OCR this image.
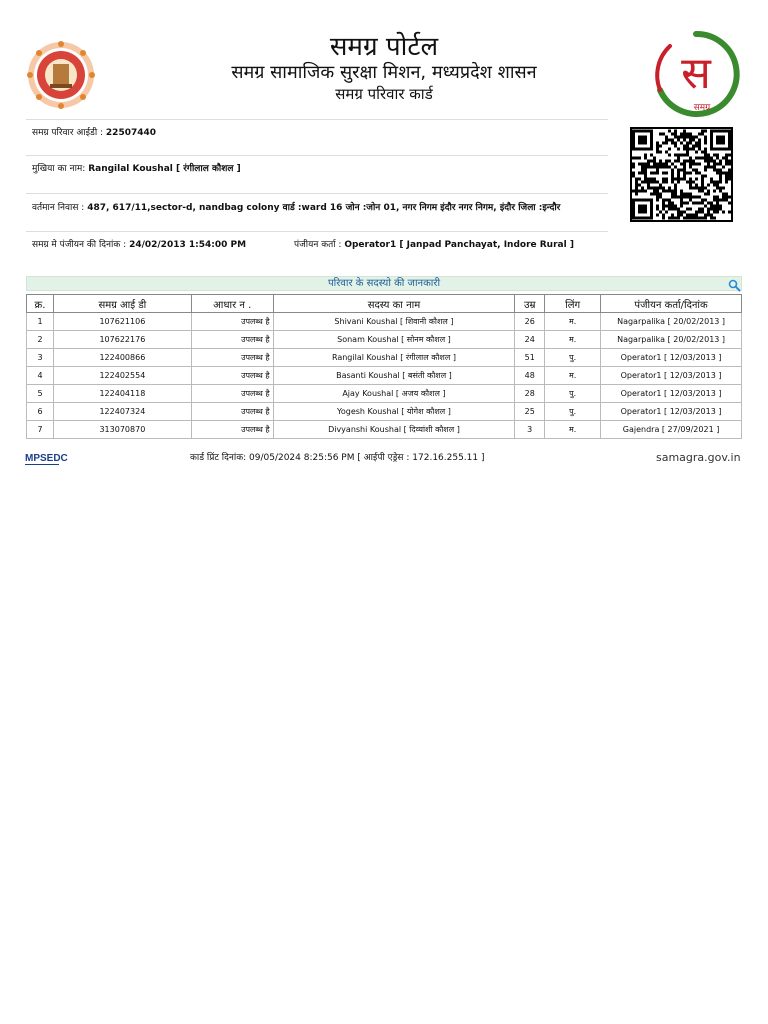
स
समग्र
समग्र पोर्टल
समग्र सामाजिक सुरक्षा मिशन, मध्यप्रदेश शासन
समग्र परिवार कार्ड
समग्र परिवार आईडी : 22507440
मुखिया का नाम: Rangilal Koushal [ रंगीलाल कौशल ]
वर्तमान निवास : 487, 617/11,sector-d, nandbag colony वार्ड :ward 16 जोन :जोन 01, नगर निगम इंदौर नगर निगम, इंदौर जिला :इन्दौर
समग्र मे पंजीयन की दिनांक : 24/02/2013 1:54:00 PM	पंजीयन कर्ता : Operator1 [ Janpad Panchayat, Indore Rural ]
परिवार के सदस्यो की जानकारी
क्र.	समग्र आई डी	आधार न .	सदस्य का नाम	उम्र	लिंग	पंजीयन कर्ता/दिनांक
1	107621106	उपलब्ध है	Shivani Koushal [ शिवानी कौशल ]	26	म.	Nagarpalika [ 20/02/2013 ]
2	107622176	उपलब्ध है	Sonam Koushal [ सोनम कौशल ]	24	म.	Nagarpalika [ 20/02/2013 ]
3	122400866	उपलब्ध है	Rangilal Koushal [ रंगीलाल कौशल ]	51	पु.	Operator1 [ 12/03/2013 ]
4	122402554	उपलब्ध है	Basanti Koushal [ बसंती कौशल ]	48	म.	Operator1 [ 12/03/2013 ]
5	122404118	उपलब्ध है	Ajay Koushal [ अजय कौशल ]	28	पु.	Operator1 [ 12/03/2013 ]
6	122407324	उपलब्ध है	Yogesh Koushal [ योगेश कौशल ]	25	पु.	Operator1 [ 12/03/2013 ]
7	313070870	उपलब्ध है	Divyanshi Koushal [ दिव्यांशी कौशल ]	3	म.	Gajendra [ 27/09/2021 ]
MPSEDC	कार्ड प्रिंट दिनांक: 09/05/2024 8:25:56 PM [ आईपी एड्रेस : 172.16.255.11 ]	samagra.gov.in
